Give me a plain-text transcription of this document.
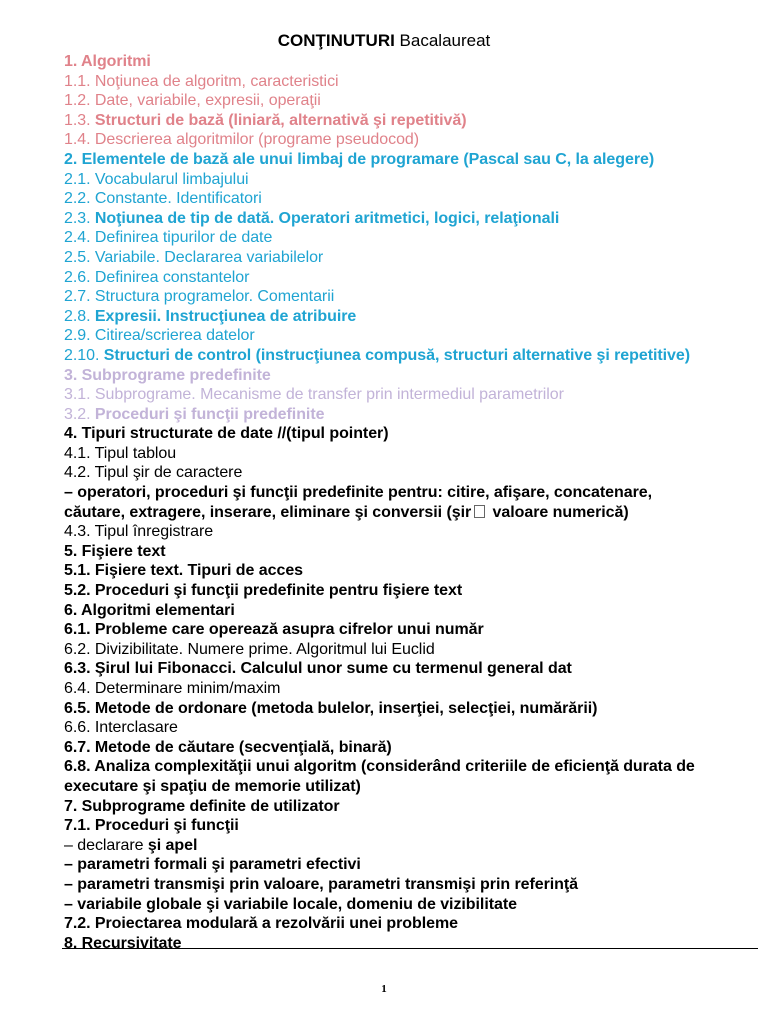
CONŢINUTURI Bacalaureat
1. Algoritmi
1.1. Noţiunea de algoritm, caracteristici
1.2. Date, variabile, expresii, operaţii
1.3. Structuri de bază (liniară, alternativă şi repetitivă)
1.4. Descrierea algoritmilor (programe pseudocod)
2. Elementele de bază ale unui limbaj de programare (Pascal sau C, la alegere)
2.1. Vocabularul limbajului
2.2. Constante. Identificatori
2.3. Noţiunea de tip de dată. Operatori aritmetici, logici, relaţionali
2.4. Definirea tipurilor de date
2.5. Variabile. Declararea variabilelor
2.6. Definirea constantelor
2.7. Structura programelor. Comentarii
2.8. Expresii. Instrucţiunea de atribuire
2.9. Citirea/scrierea datelor
2.10. Structuri de control (instrucţiunea compusă, structuri alternative şi repetitive)
3. Subprograme predefinite
3.1. Subprograme. Mecanisme de transfer prin intermediul parametrilor
3.2. Proceduri şi funcţii predefinite
4. Tipuri structurate de date //(tipul pointer)
4.1. Tipul tablou
4.2. Tipul şir de caractere
– operatori, proceduri şi funcţii predefinite pentru: citire, afişare, concatenare,
căutare, extragere, inserare, eliminare şi conversii (şir valoare numerică)
4.3. Tipul înregistrare
5. Fişiere text
5.1. Fişiere text. Tipuri de acces
5.2. Proceduri şi funcţii predefinite pentru fişiere text
6. Algoritmi elementari
6.1. Probleme care operează asupra cifrelor unui număr
6.2. Divizibilitate. Numere prime. Algoritmul lui Euclid
6.3. Şirul lui Fibonacci. Calculul unor sume cu termenul general dat
6.4. Determinare minim/maxim
6.5. Metode de ordonare (metoda bulelor, inserţiei, selecţiei, numărării)
6.6. Interclasare
6.7. Metode de căutare (secvenţială, binară)
6.8. Analiza complexităţii unui algoritm (considerând criteriile de eficienţă durata de executare şi spaţiu de memorie utilizat)
7. Subprograme definite de utilizator
7.1. Proceduri şi funcţii
– declarare şi apel
– parametri formali şi parametri efectivi
– parametri transmişi prin valoare, parametri transmişi prin referinţă
– variabile globale şi variabile locale, domeniu de vizibilitate
7.2. Proiectarea modulară a rezolvării unei probleme
8. Recursivitate
1
